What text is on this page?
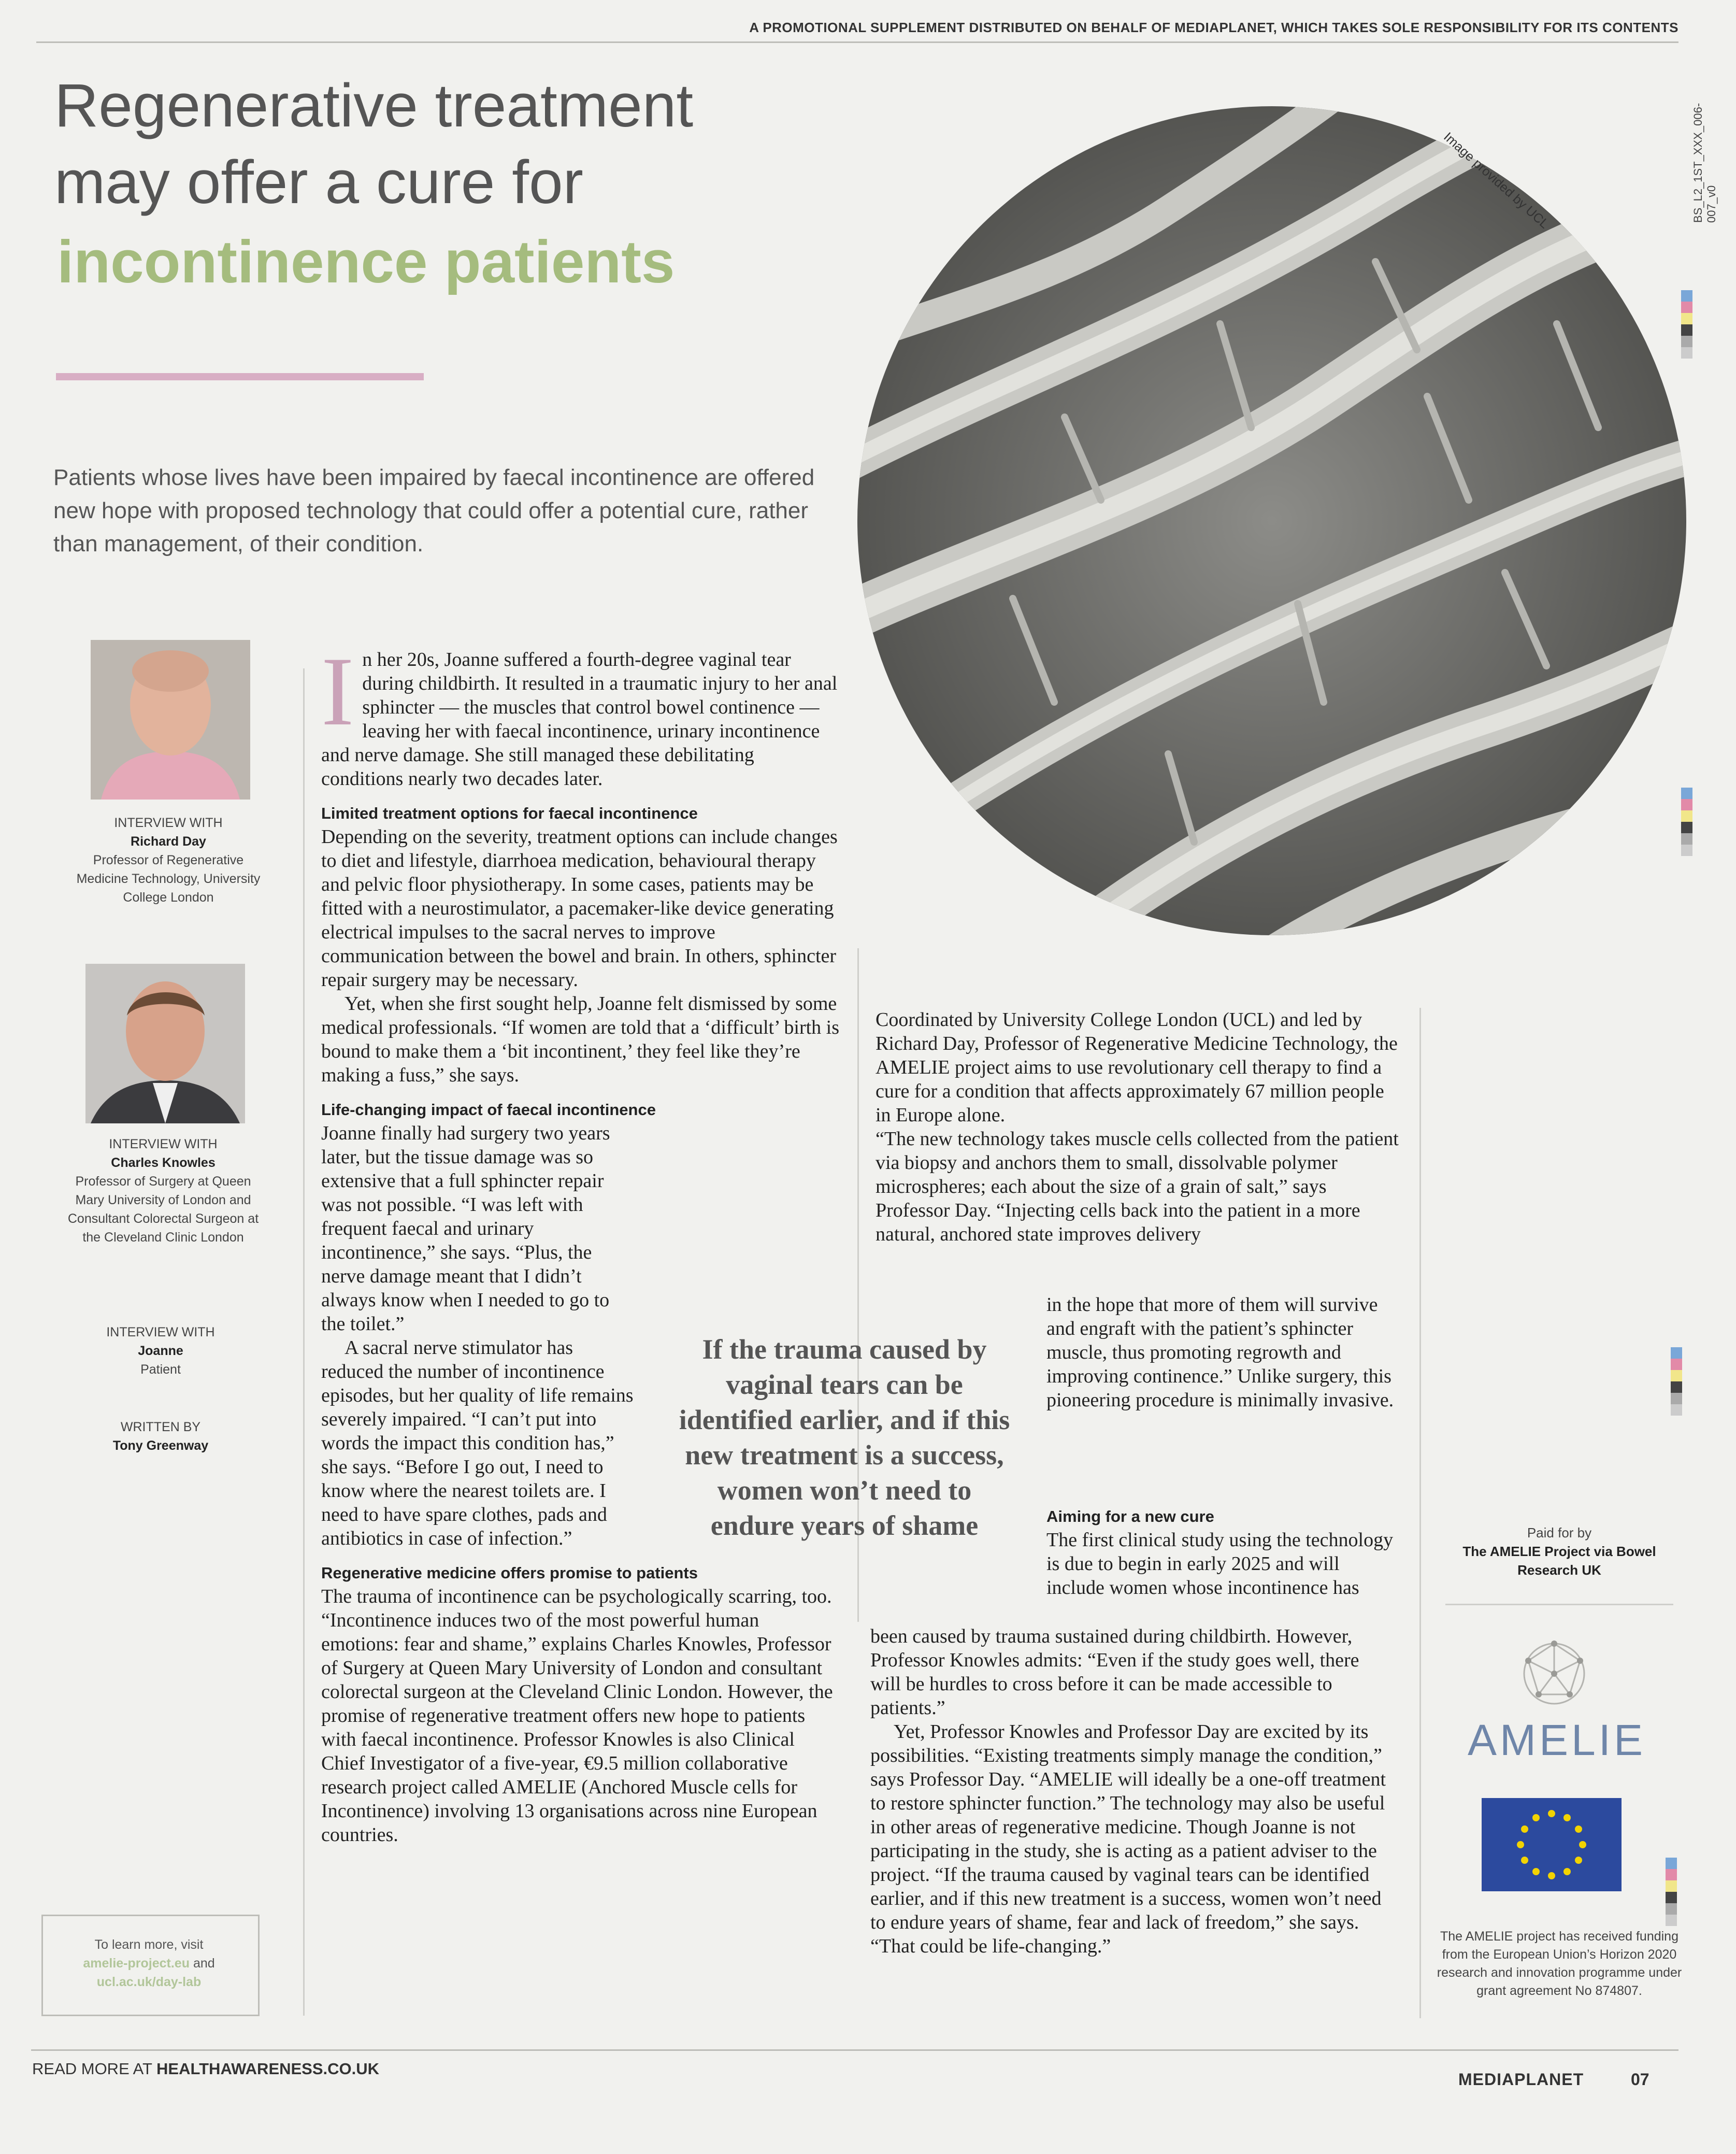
A PROMOTIONAL SUPPLEMENT DISTRIBUTED ON BEHALF OF MEDIAPLANET, WHICH TAKES SOLE RESPONSIBILITY FOR ITS CONTENTS
BS_L2_1ST_XXX_006-007_v0
Regenerative treatment
may offer a cure for
incontinence patients
Patients whose lives have been impaired by faecal incontinence are offered new hope with proposed technology that could offer a potential cure, rather than management, of their condition.
Image provided by UCL
INTERVIEW WITH
Richard Day
Professor of Regenerative Medicine Technology, University College London
INTERVIEW WITH
Charles Knowles
Professor of Surgery at Queen Mary University of London and Consultant Colorectal Surgeon at the Cleveland Clinic London
INTERVIEW WITH
Joanne
Patient
WRITTEN BY
Tony Greenway
I n her 20s, Joanne suffered a fourth-degree vaginal tear during childbirth. It resulted in a traumatic injury to her anal sphincter — the muscles that control bowel continence — leaving her with faecal incontinence, urinary incontinence and nerve damage. She still managed these debilitating conditions nearly two decades later.

Limited treatment options for faecal incontinence

Depending on the severity, treatment options can include changes to diet and lifestyle, diarrhoea medication, behavioural therapy and pelvic floor physiotherapy. In some cases, patients may be fitted with a neurostimulator, a pacemaker-like device generating electrical impulses to the sacral nerves to improve communication between the bowel and brain. In others, sphincter repair surgery may be necessary.

Yet, when she first sought help, Joanne felt dismissed by some medical professionals. “If women are told that a ‘difficult’ birth is bound to make them a ‘bit incontinent,’ they feel like they’re making a fuss,” she says.

Life-changing impact of faecal incontinence

Joanne finally had surgery two years later, but the tissue damage was so extensive that a full sphincter repair was not possible. “I was left with frequent faecal and urinary incontinence,” she says. “Plus, the nerve damage meant that I didn’t always know when I needed to go to the toilet.”

A sacral nerve stimulator has reduced the number of incontinence episodes, but her quality of life remains severely impaired. “I can’t put into words the impact this condition has,” she says. “Before I go out, I need to know where the nearest toilets are. I need to have spare clothes, pads and antibiotics in case of infection.”

Regenerative medicine offers promise to patients

The trauma of incontinence can be psychologically scarring, too. “Incontinence induces two of the most powerful human emotions: fear and shame,” explains Charles Knowles, Professor of Surgery at Queen Mary University of London and consultant colorectal surgeon at the Cleveland Clinic London. However, the promise of regenerative treatment offers new hope to patients with faecal incontinence. Professor Knowles is also Clinical Chief Investigator of a five-year, €9.5 million collaborative research project called AMELIE (Anchored Muscle cells for Incontinence) involving 13 organisations across nine European countries.

Coordinated by University College London (UCL) and led by Richard Day, Professor of Regenerative Medicine Technology, the AMELIE project aims to use revolutionary cell therapy to find a cure for a condition that affects approximately 67 million people in Europe alone.

“The new technology takes muscle cells collected from the patient via biopsy and anchors them to small, dissolvable polymer microspheres; each about the size of a grain of salt,” says Professor Day. “Injecting cells back into the patient in a more natural, anchored state improves delivery

in the hope that more of them will survive and engraft with the patient’s sphincter muscle, thus promoting regrowth and improving continence.” Unlike surgery, this pioneering procedure is minimally invasive.

Aiming for a new cure

The first clinical study using the technology is due to begin in early 2025 and will include women whose incontinence has

been caused by trauma sustained during childbirth. However, Professor Knowles admits: “Even if the study goes well, there will be hurdles to cross before it can be made accessible to patients.”

Yet, Professor Knowles and Professor Day are excited by its possibilities. “Existing treatments simply manage the condition,” says Professor Day. “AMELIE will ideally be a one-off treatment to restore sphincter function.” The technology may also be useful in other areas of regenerative medicine. Though Joanne is not participating in the study, she is acting as a patient adviser to the project. “If the trauma caused by vaginal tears can be identified earlier, and if this new treatment is a success, women won’t need to endure years of shame, fear and lack of freedom,” she says. “That could be life-changing.”

If the trauma caused by vaginal tears can be identified earlier, and if this new treatment is a success, women won’t need to endure years of shame
To learn more, visit
amelie-project.eu and
ucl.ac.uk/day-lab
Paid for by
The AMELIE Project via Bowel Research UK
AMELIE
The AMELIE project has received funding from the European Union’s Horizon 2020 research and innovation programme under grant agreement No 874807.
READ MORE AT HEALTHAWARENESS.CO.UK
MEDIAPLANET	07
